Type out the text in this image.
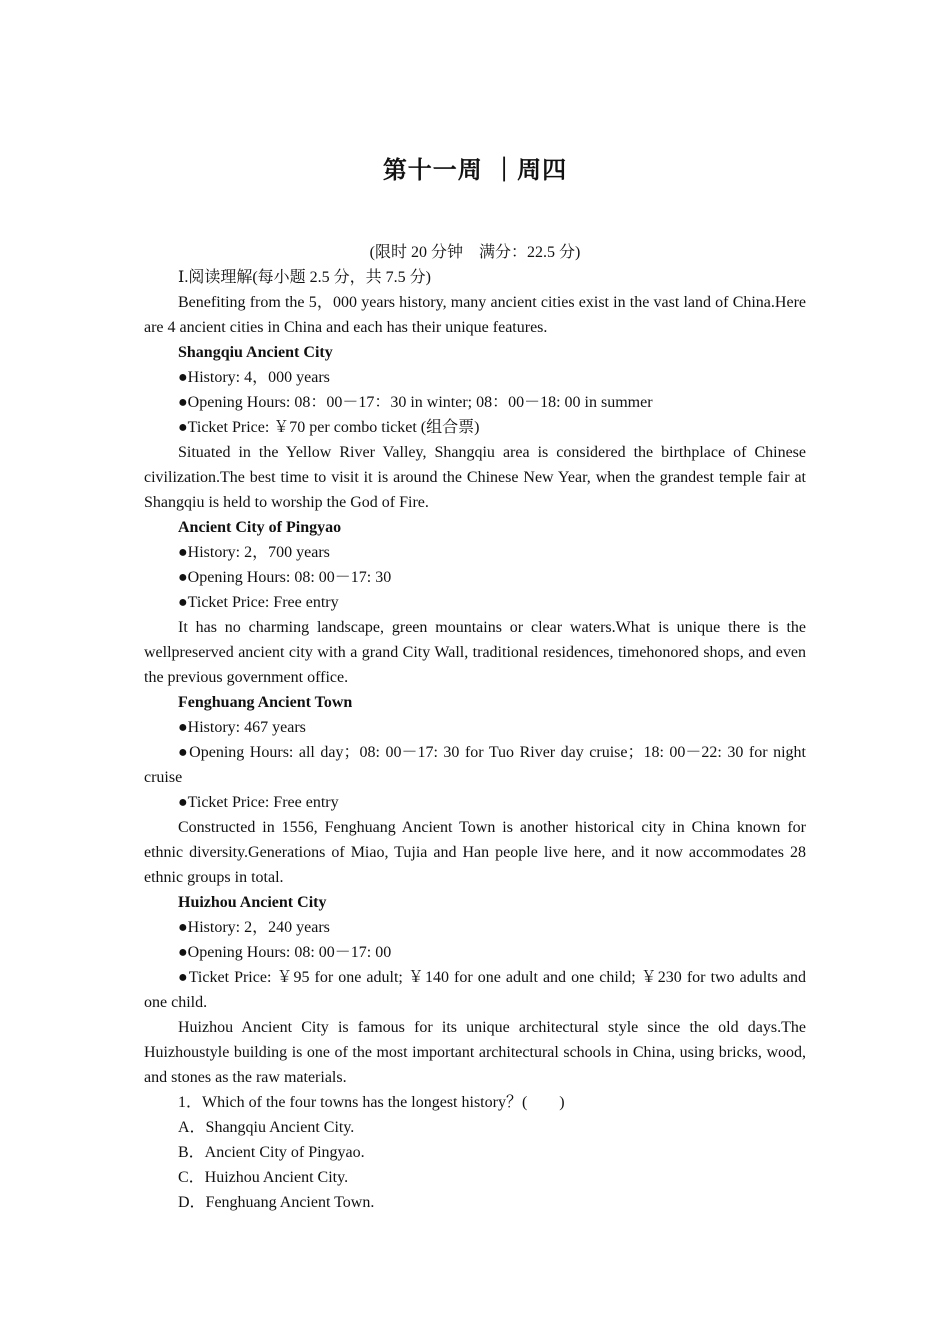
第十一周 ｜周四
(限时 20 分钟　满分：22.5 分)
Ⅰ.阅读理解(每小题 2.5 分，共 7.5 分)

Benefiting from the 5，000 years history, many ancient cities exist in the vast land of China.Here are 4 ancient cities in China and each has their unique features.

Shangqiu Ancient City
●History: 4，000 years
●Opening Hours: 08：00－17：30 in winter; 08：00－18: 00 in summer
●Ticket Price: ￥70 per combo ticket (组合票)

Situated in the Yellow River Valley, Shangqiu area is considered the birthplace of Chinese civilization.The best time to visit it is around the Chinese New Year, when the grandest temple fair at Shangqiu is held to worship the God of Fire.

Ancient City of Pingyao
●History: 2，700 years
●Opening Hours: 08: 00－17: 30
●Ticket Price: Free entry

It has no charming landscape, green mountains or clear waters.What is unique there is the wellpreserved ancient city with a grand City Wall, traditional residences, timehonored shops, and even the previous government office.

Fenghuang Ancient Town
●History: 467 years

●Opening Hours: all day；08: 00－17: 30 for Tuo River day cruise；18: 00－22: 30 for night cruise

●Ticket Price: Free entry

Constructed in 1556, Fenghuang Ancient Town is another historical city in China known for ethnic diversity.Generations of Miao, Tujia and Han people live here, and it now accommodates 28 ethnic groups in total.

Huizhou Ancient City
●History: 2，240 years
●Opening Hours: 08: 00－17: 00

●Ticket Price: ￥95 for one adult; ￥140 for one adult and one child; ￥230 for two adults and one child.

Huizhou Ancient City is famous for its unique architectural style since the old days.The Huizhoustyle building is one of the most important architectural schools in China, using bricks, wood, and stones as the raw materials.

1．Which of the four towns has the longest history？(　　)
A．Shangqiu Ancient City.
B．Ancient City of Pingyao.
C．Huizhou Ancient City.
D．Fenghuang Ancient Town.
